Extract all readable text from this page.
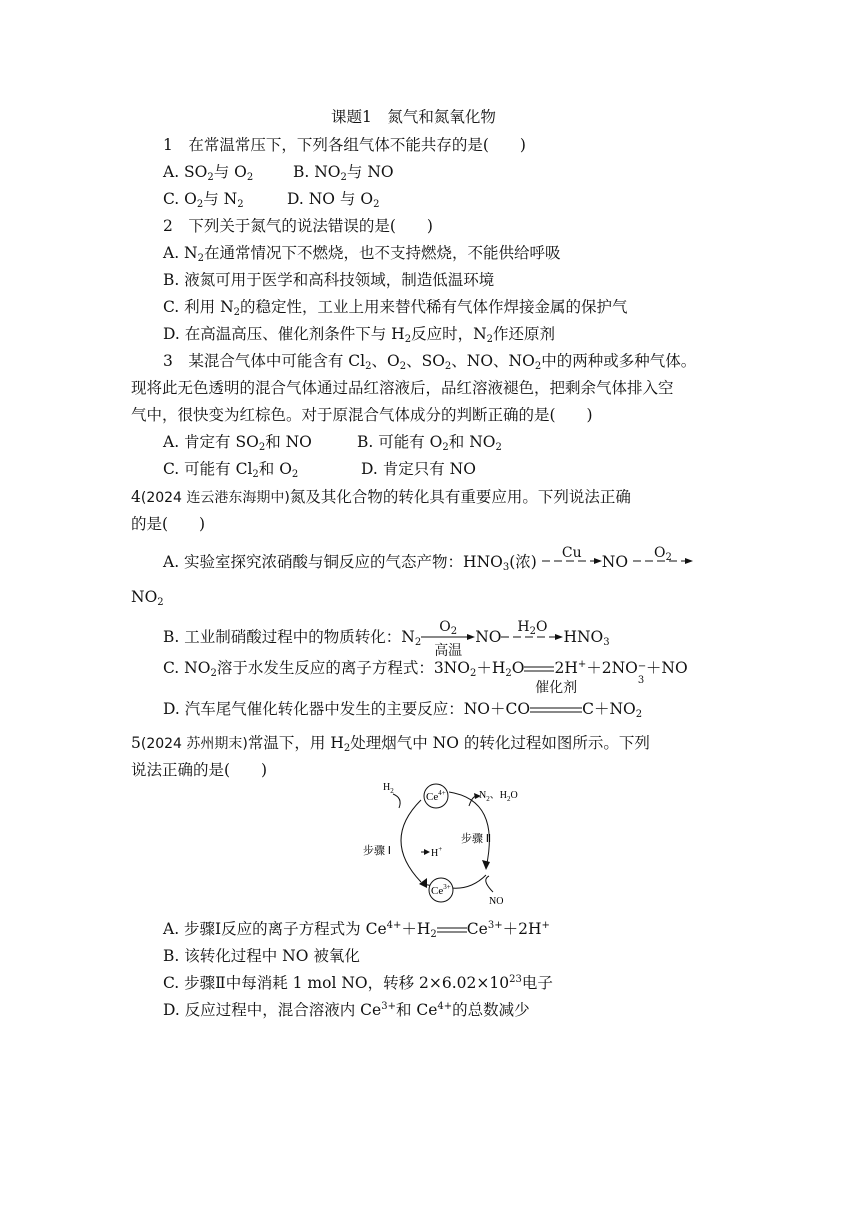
课题1　氮气和氮氧化物
1　在常温常压下，下列各组气体不能共存的是(　　)
A. $SO_2$与 $O_2$	B. $NO_2$与 NO
C. $O_2$与 $N_2$	D. NO 与 $O_2$
2　下列关于氮气的说法错误的是(　　)
A. $N_2$在通常情况下不燃烧，也不支持燃烧，不能供给呼吸
B. 液氮可用于医学和高科技领域，制造低温环境
C. 利用 $N_2$的稳定性，工业上用来替代稀有气体作焊接金属的保护气
D. 在高温高压、催化剂条件下与 $H_2$反应时，$N_2$作还原剂
3　某混合气体中可能含有 $Cl_2$、$O_2$、$SO_2$、NO、$NO_2$中的两种或多种气体。
现将此无色透明的混合气体通过品红溶液后，品红溶液褪色，把剩余气体排入空
气中，很快变为红棕色。对于原混合气体成分的判断正确的是(　　)
A. 肯定有 $SO_2$和 NO	B. 可能有 $O_2$和 $NO_2$
C. 可能有 $Cl_2$和 $O_2$	D. 肯定只有 NO
4(2024 连云港东海期中)氮及其化合物的转化具有重要应用。下列说法正确
的是(　　)
A. 实验室探究浓硝酸与铜反应的气态产物：$HNO_3$(浓)	Cu	NO	$O_2$
$NO_2$
B. 工业制硝酸过程中的物质转化：$N_2$
$O_2$
高温
NO
$H_2O$
$HNO_3$
C. $NO_2$溶于水发生反应的离子方程式：$3NO_2+H_2O$ 2H+＋2NO −
3
＋NO
D. 汽车尾气催化转化器中发生的主要反应：NO＋CO
催化剂
$C+NO_2$
5(2024 苏州期末)常温下，用 $H_2$处理烟气中 NO 的转化过程如图所示。下列
说法正确的是(　　)
$Ce^{4+}$
$Ce^{3+}$
$H_2$	$N_2$、$H_2O$
步骤 Ⅰ	H+
步骤 Ⅱ
NO
A. 步骤Ⅰ反应的离子方程式为 $Ce^{4+}+H_2$ $Ce^{3+}+2H^+$
B. 该转化过程中 NO 被氧化
C. 步骤Ⅱ中每消耗 1 mol NO，转移 $2\times 6.02\times 10^{23}$电子
D. 反应过程中，混合溶液内 $Ce^{3+}$和 $Ce^{4+}$的总数减少
